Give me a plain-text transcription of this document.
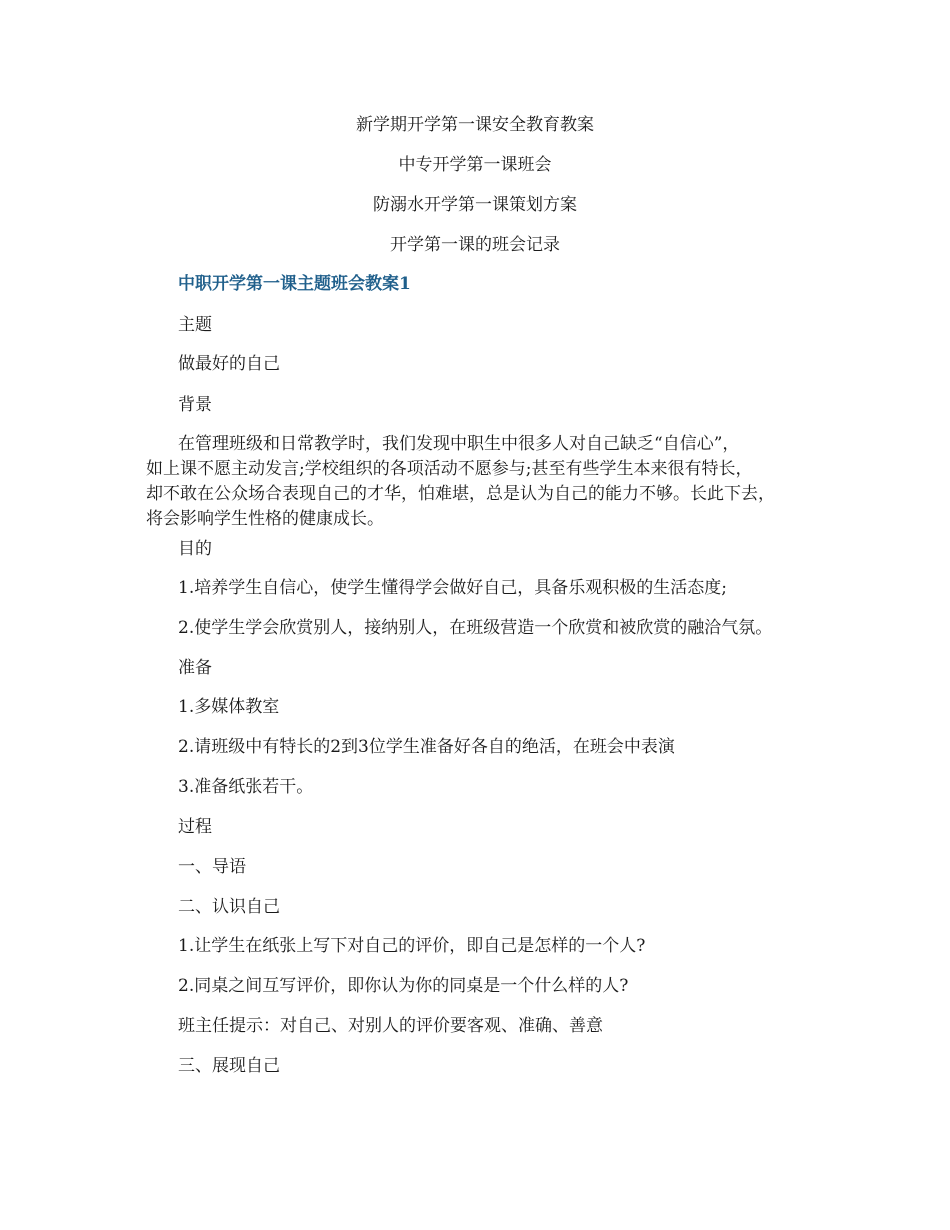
新学期开学第一课安全教育教案
中专开学第一课班会
防溺水开学第一课策划方案
开学第一课的班会记录
中职开学第一课主题班会教案1
主题
做最好的自己
背景
在管理班级和日常教学时，我们发现中职生中很多人对自己缺乏“自信心”，
如上课不愿主动发言;学校组织的各项活动不愿参与;甚至有些学生本来很有特长，
却不敢在公众场合表现自己的才华，怕难堪，总是认为自己的能力不够。长此下去，
将会影响学生性格的健康成长。
目的
1.培养学生自信心，使学生懂得学会做好自己，具备乐观积极的生活态度;
2.使学生学会欣赏别人，接纳别人，在班级营造一个欣赏和被欣赏的融洽气氛。
准备
1.多媒体教室
2.请班级中有特长的2到3位学生准备好各自的绝活，在班会中表演
3.准备纸张若干。
过程
一、导语
二、认识自己
1.让学生在纸张上写下对自己的评价，即自己是怎样的一个人?
2.同桌之间互写评价，即你认为你的同桌是一个什么样的人?
班主任提示：对自己、对别人的评价要客观、准确、善意
三、展现自己
